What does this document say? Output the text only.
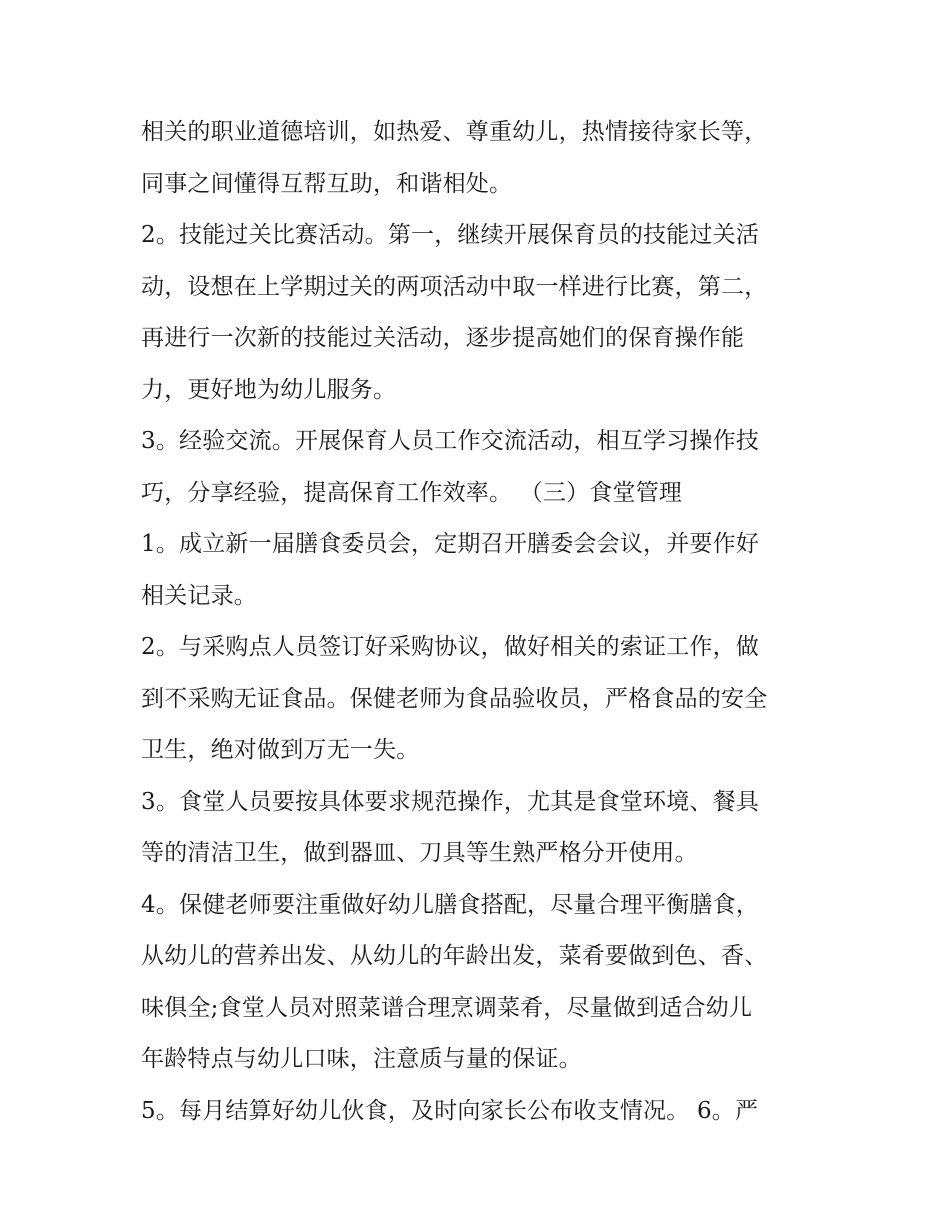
相关的职业道德培训，如热爱、尊重幼儿，热情接待家长等，
同事之间懂得互帮互助，和谐相处。
2。技能过关比赛活动。第一，继续开展保育员的技能过关活
动，设想在上学期过关的两项活动中取一样进行比赛，第二，
再进行一次新的技能过关活动，逐步提高她们的保育操作能
力，更好地为幼儿服务。
3。经验交流。开展保育人员工作交流活动，相互学习操作技
巧，分享经验，提高保育工作效率。 （三）食堂管理
1。成立新一届膳食委员会，定期召开膳委会会议，并要作好
相关记录。
2。与采购点人员签订好采购协议，做好相关的索证工作，做
到不采购无证食品。保健老师为食品验收员，严格食品的安全
卫生，绝对做到万无一失。
3。食堂人员要按具体要求规范操作，尤其是食堂环境、餐具
等的清洁卫生，做到器皿、刀具等生熟严格分开使用。
4。保健老师要注重做好幼儿膳食搭配，尽量合理平衡膳食，
从幼儿的营养出发、从幼儿的年龄出发，菜肴要做到色、香、
味俱全;食堂人员对照菜谱合理烹调菜肴，尽量做到适合幼儿
年龄特点与幼儿口味，注意质与量的保证。
5。每月结算好幼儿伙食，及时向家长公布收支情况。 6。严
